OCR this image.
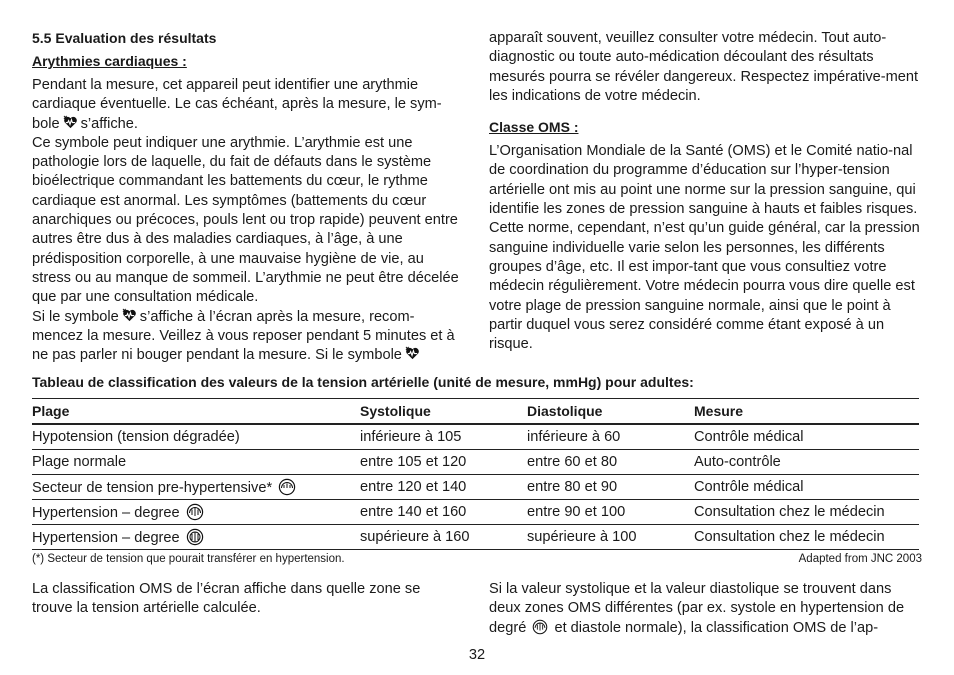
5.5 Evaluation des résultats

Arythmies cardiaques :

Pendant la mesure, cet appareil peut identifier une arythmie cardiaque éventuelle. Le cas échéant, après la mesure, le sym-bole s’affiche.

Ce symbole peut indiquer une arythmie. L’arythmie est une pathologie lors de laquelle, du fait de défauts dans le système bioélectrique commandant les battements du cœur, le rythme cardiaque est anormal. Les symptômes (battements du cœur anarchiques ou précoces, pouls lent ou trop rapide) peuvent entre autres être dus à des maladies cardiaques, à l’âge, à une prédisposition corporelle, à une mauvaise hygiène de vie, au stress ou au manque de sommeil. L’arythmie ne peut être décelée que par une consultation médicale.

Si le symbole s’affiche à l’écran après la mesure, recom-mencez la mesure. Veillez à vous reposer pendant 5 minutes et à ne pas parler ni bouger pendant la mesure. Si le symbole

apparaît souvent, veuillez consulter votre médecin. Tout auto-diagnostic ou toute auto-médication découlant des résultats mesurés pourra se révéler dangereux. Respectez impérative-ment les indications de votre médecin.

Classe OMS :

L’Organisation Mondiale de la Santé (OMS) et le Comité natio-nal de coordination du programme d’éducation sur l’hyper-tension artérielle ont mis au point une norme sur la pression sanguine, qui identifie les zones de pression sanguine à hauts et faibles risques. Cette norme, cependant, n’est qu’un guide général, car la pression sanguine individuelle varie selon les personnes, les différents groupes d’âge, etc. Il est impor-tant que vous consultiez votre médecin régulièrement. Votre médecin pourra vous dire quelle est votre plage de pression sanguine normale, ainsi que le point à partir duquel vous serez considéré comme étant exposé à un risque.

Tableau de classification des valeurs de la tension artérielle (unité de mesure, mmHg) pour adultes:
Plage	Systolique	Diastolique	Mesure
Hypotension (tension dégradée)	inférieure à 105	inférieure à 60	Contrôle médical
Plage normale	entre 105 et 120	entre 60 et 80	Auto-contrôle
Secteur de tension pre-hypertensive*	entre 120 et 140	entre 80 et 90	Contrôle médical
Hypertension – degree	entre 140 et 160	entre 90 et 100	Consultation chez le médecin
Hypertension – degree	supérieure à 160	supérieure à 100	Consultation chez le médecin
(*) Secteur de tension que pourait transférer en hypertension.	Adapted from JNC 2003
La classification OMS de l’écran affiche dans quelle zone se trouve la tension artérielle calculée.
Si la valeur systolique et la valeur diastolique se trouvent dans deux zones OMS différentes (par ex. systole en hypertension de degré et diastole normale), la classification OMS de l’ap-
32
